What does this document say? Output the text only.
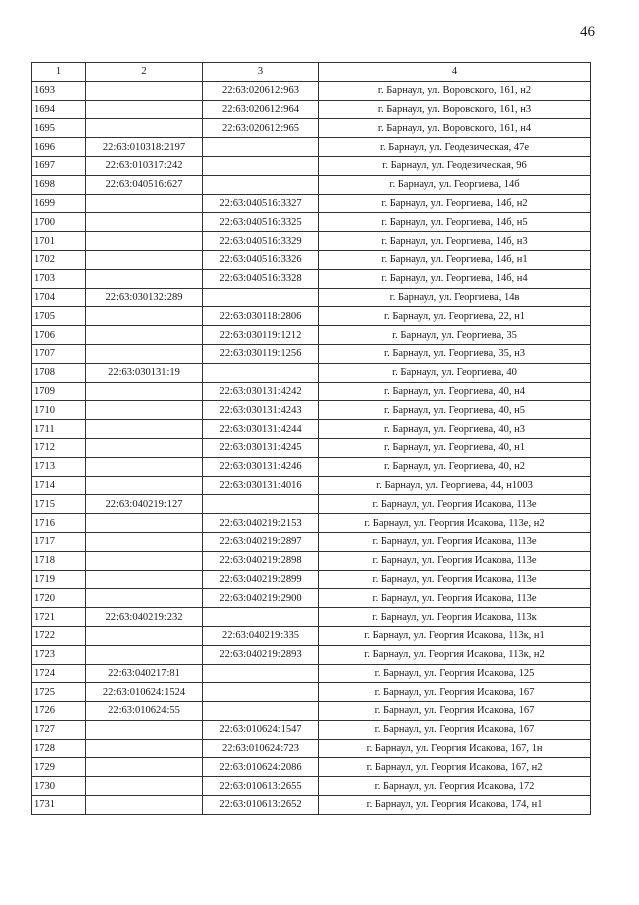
46
1	2	3	4
1693		22:63:020612:963	г. Барнаул, ул. Воровского, 161, н2
1694		22:63:020612:964	г. Барнаул, ул. Воровского, 161, н3
1695		22:63:020612:965	г. Барнаул, ул. Воровского, 161, н4
1696	22:63:010318:2197		г. Барнаул, ул. Геодезическая, 47е
1697	22:63:010317:242		г. Барнаул, ул. Геодезическая, 96
1698	22:63:040516:627		г. Барнаул, ул. Георгиева, 14б
1699		22:63:040516:3327	г. Барнаул, ул. Георгиева, 14б, н2
1700		22:63:040516:3325	г. Барнаул, ул. Георгиева, 14б, н5
1701		22:63:040516:3329	г. Барнаул, ул. Георгиева, 14б, н3
1702		22:63:040516:3326	г. Барнаул, ул. Георгиева, 14б, н1
1703		22:63:040516:3328	г. Барнаул, ул. Георгиева, 14б, н4
1704	22:63:030132:289		г. Барнаул, ул. Георгиева, 14в
1705		22:63:030118:2806	г. Барнаул, ул. Георгиева, 22, н1
1706		22:63:030119:1212	г. Барнаул, ул. Георгиева, 35
1707		22:63:030119:1256	г. Барнаул, ул. Георгиева, 35, н3
1708	22:63:030131:19		г. Барнаул, ул. Георгиева, 40
1709		22:63:030131:4242	г. Барнаул, ул. Георгиева, 40, н4
1710		22:63:030131:4243	г. Барнаул, ул. Георгиева, 40, н5
1711		22:63:030131:4244	г. Барнаул, ул. Георгиева, 40, н3
1712		22:63:030131:4245	г. Барнаул, ул. Георгиева, 40, н1
1713		22:63:030131:4246	г. Барнаул, ул. Георгиева, 40, н2
1714		22:63:030131:4016	г. Барнаул, ул. Георгиева, 44, н1003
1715	22:63:040219:127		г. Барнаул, ул. Георгия Исакова, 113е
1716		22:63:040219:2153	г. Барнаул, ул. Георгия Исакова, 113е, н2
1717		22:63:040219:2897	г. Барнаул, ул. Георгия Исакова, 113е
1718		22:63:040219:2898	г. Барнаул, ул. Георгия Исакова, 113е
1719		22:63:040219:2899	г. Барнаул, ул. Георгия Исакова, 113е
1720		22:63:040219:2900	г. Барнаул, ул. Георгия Исакова, 113е
1721	22:63:040219:232		г. Барнаул, ул. Георгия Исакова, 113к
1722		22:63:040219:335	г. Барнаул, ул. Георгия Исакова, 113к, н1
1723		22:63:040219:2893	г. Барнаул, ул. Георгия Исакова, 113к, н2
1724	22:63:040217:81		г. Барнаул, ул. Георгия Исакова, 125
1725	22:63:010624:1524		г. Барнаул, ул. Георгия Исакова, 167
1726	22:63:010624:55		г. Барнаул, ул. Георгия Исакова, 167
1727		22:63:010624:1547	г. Барнаул, ул. Георгия Исакова, 167
1728		22:63:010624:723	г. Барнаул, ул. Георгия Исакова, 167, 1н
1729		22:63:010624:2086	г. Барнаул, ул. Георгия Исакова, 167, н2
1730		22:63:010613:2655	г. Барнаул, ул. Георгия Исакова, 172
1731		22:63:010613:2652	г. Барнаул, ул. Георгия Исакова, 174, н1
